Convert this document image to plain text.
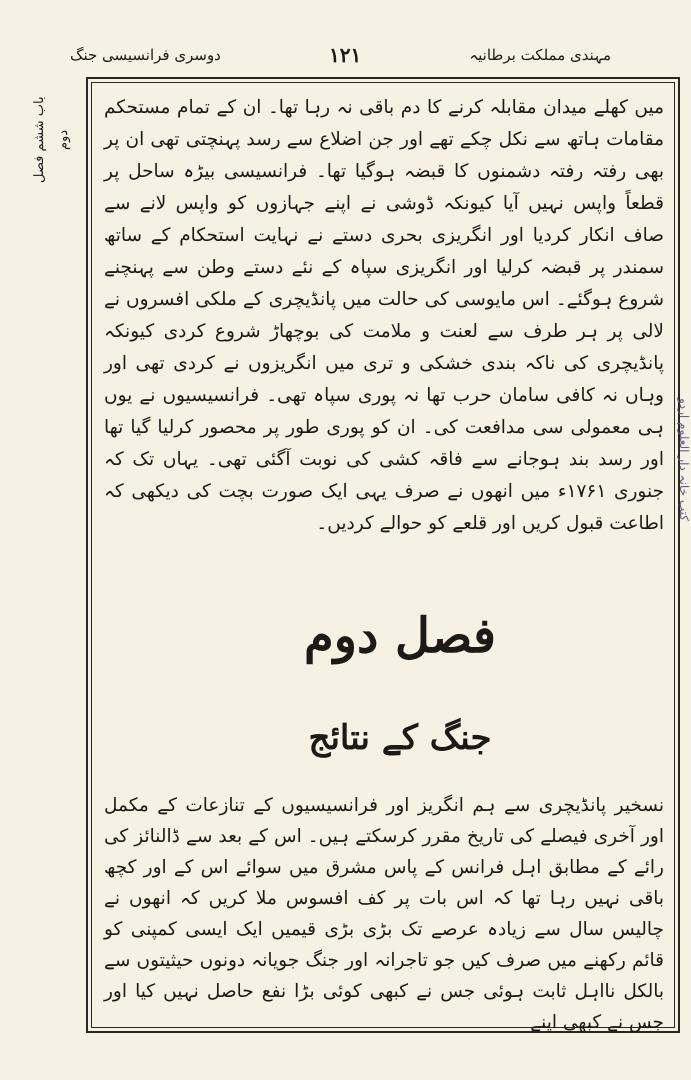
مہندی مملکت برطانیہ
۱۲۱
دوسری فرانسیسی جنگ
باب ششم فصل دوم

میں کھلے میدان مقابلہ کرنے کا دم باقی نہ رہا تھا۔ ان کے تمام مستحکم مقامات ہاتھ سے نکل چکے تھے اور جن اضلاع سے رسد پہنچتی تھی ان پر بھی رفتہ رفتہ دشمنوں کا قبضہ ہوگیا تھا۔ فرانسیسی بیڑہ ساحل پر قطعاً واپس نہیں آیا کیونکہ ڈوشی نے اپنے جہازوں کو واپس لانے سے صاف انکار کردیا اور انگریزی بحری دستے نے نہایت استحکام کے ساتھ سمندر پر قبضہ کرلیا اور انگریزی سپاہ کے نئے دستے وطن سے پہنچنے شروع ہوگئے۔ اس مایوسی کی حالت میں پانڈیچری کے ملکی افسروں نے لالی پر ہر طرف سے لعنت و ملامت کی بوچھاڑ شروع کردی کیونکہ پانڈیچری کی ناکہ بندی خشکی و تری میں انگریزوں نے کردی تھی اور وہاں نہ کافی سامان حرب تھا نہ پوری سپاہ تھی۔ فرانسیسیوں نے یوں ہی معمولی سی مدافعت کی۔ ان کو پوری طور پر محصور کرلیا گیا تھا اور رسد بند ہوجانے سے فاقہ کشی کی نوبت آگئی تھی۔ یہاں تک کہ جنوری ۱۷۶۱ء میں انھوں نے صرف یہی ایک صورت بچت کی دیکھی کہ اطاعت قبول کریں اور قلعے کو حوالے کردیں۔

فصل دوم
جنگ کے نتائج

نسخیر پانڈیچری سے ہم انگریز اور فرانسیسیوں کے تنازعات کے مکمل اور آخری فیصلے کی تاریخ مقرر کرسکتے ہیں۔ اس کے بعد سے ڈالنائز کی رائے کے مطابق اہل فرانس کے پاس مشرق میں سوائے اس کے اور کچھ باقی نہیں رہا تھا کہ اس بات پر کف افسوس ملا کریں کہ انھوں نے چالیس سال سے زیادہ عرصے تک بڑی بڑی قیمیں ایک ایسی کمپنی کو قائم رکھنے میں صرف کیں جو تاجرانہ اور جنگ جویانہ دونوں حیثیتوں سے بالکل نااہل ثابت ہوئی جس نے کبھی کوئی بڑا نفع حاصل نہیں کیا اور جس نے کبھی اپنے

کتب خانہ دار العلوم اردو
